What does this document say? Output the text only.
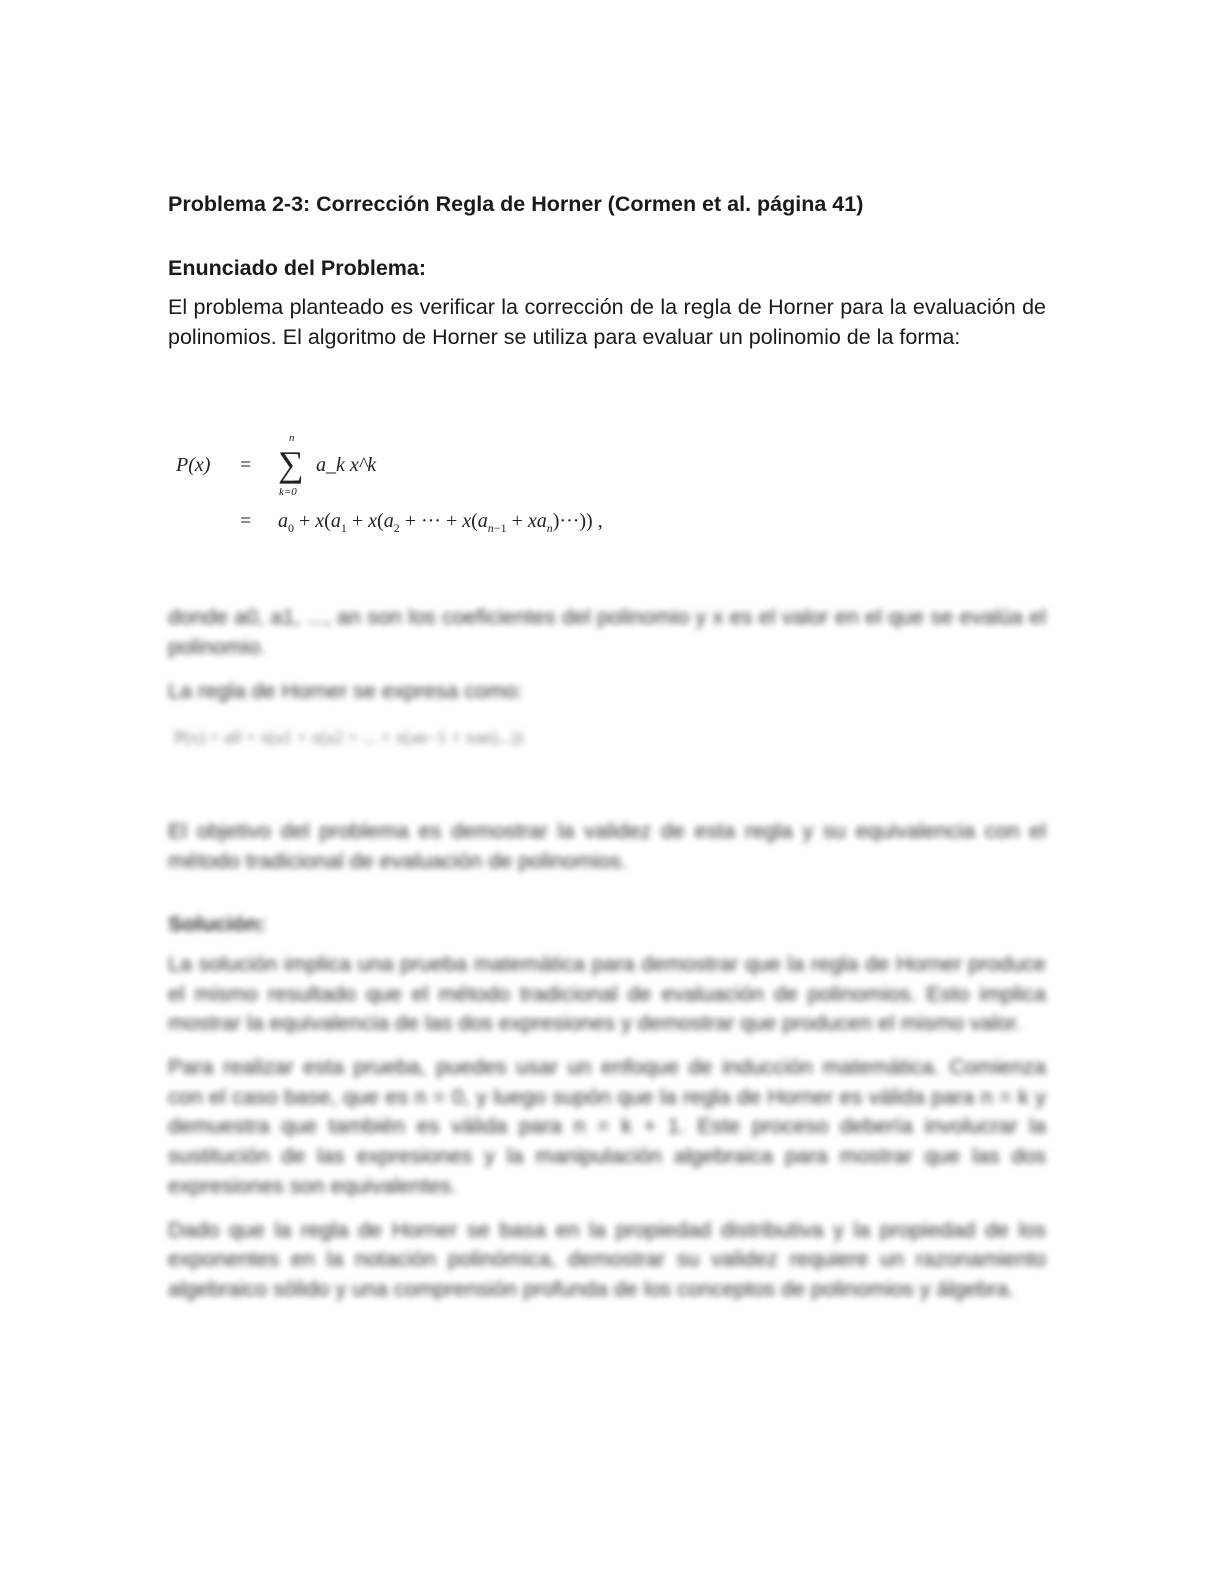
Problema 2-3: Corrección Regla de Horner (Cormen et al. página 41)
Enunciado del Problema:
El problema planteado es verificar la corrección de la regla de Horner para la evaluación de polinomios. El algoritmo de Horner se utiliza para evaluar un polinomio de la forma:
P(x) =
n
∑
k=0
a_k x^k
= $a_0 + x(a_1 + x(a_2$ + ··· + $x(a_{n-1} + xa_n)\cdot\cdot\cdot$)) ,
donde a0, a1, ..., an son los coeficientes del polinomio y x es el valor en el que se evalúa el polinomio.
La regla de Horner se expresa como:
P(x) = a0 + x(a1 + x(a2 + ... + x(an−1 + xan)...))
El objetivo del problema es demostrar la validez de esta regla y su equivalencia con el método tradicional de evaluación de polinomios.
Solución:
La solución implica una prueba matemática para demostrar que la regla de Horner produce el mismo resultado que el método tradicional de evaluación de polinomios. Esto implica mostrar la equivalencia de las dos expresiones y demostrar que producen el mismo valor.
Para realizar esta prueba, puedes usar un enfoque de inducción matemática. Comienza con el caso base, que es n = 0, y luego supón que la regla de Horner es válida para n = k y demuestra que también es válida para n = k + 1. Este proceso debería involucrar la sustitución de las expresiones y la manipulación algebraica para mostrar que las dos expresiones son equivalentes.
Dado que la regla de Horner se basa en la propiedad distributiva y la propiedad de los exponentes en la notación polinómica, demostrar su validez requiere un razonamiento algebraico sólido y una comprensión profunda de los conceptos de polinomios y álgebra.
